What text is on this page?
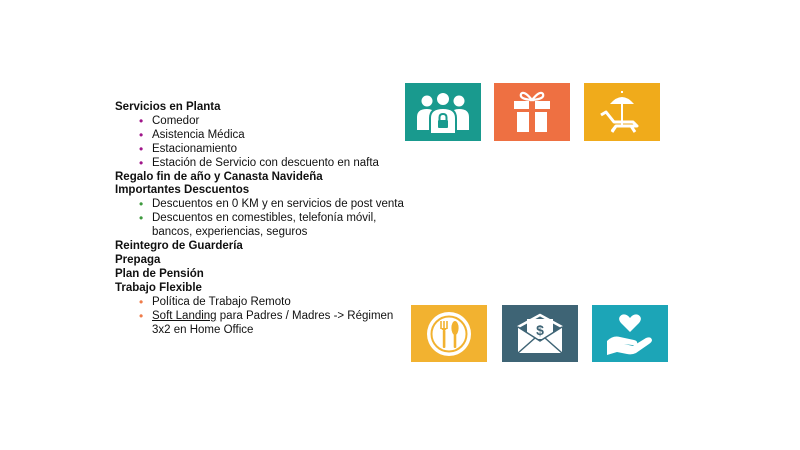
Servicios en Planta
• Comedor
• Asistencia Médica
• Estacionamiento
• Estación de Servicio con descuento en nafta
Regalo fin de año y Canasta Navideña
Importantes Descuentos
• Descuentos en 0 KM y en servicios de post venta
• Descuentos en comestibles, telefonía móvil,
bancos, experiencias, seguros
Reintegro de Guardería
Prepaga
Plan de Pensión
Trabajo Flexible
• Política de Trabajo Remoto
• Soft Landing para Padres / Madres -> Régimen
3x2 en Home Office	$
